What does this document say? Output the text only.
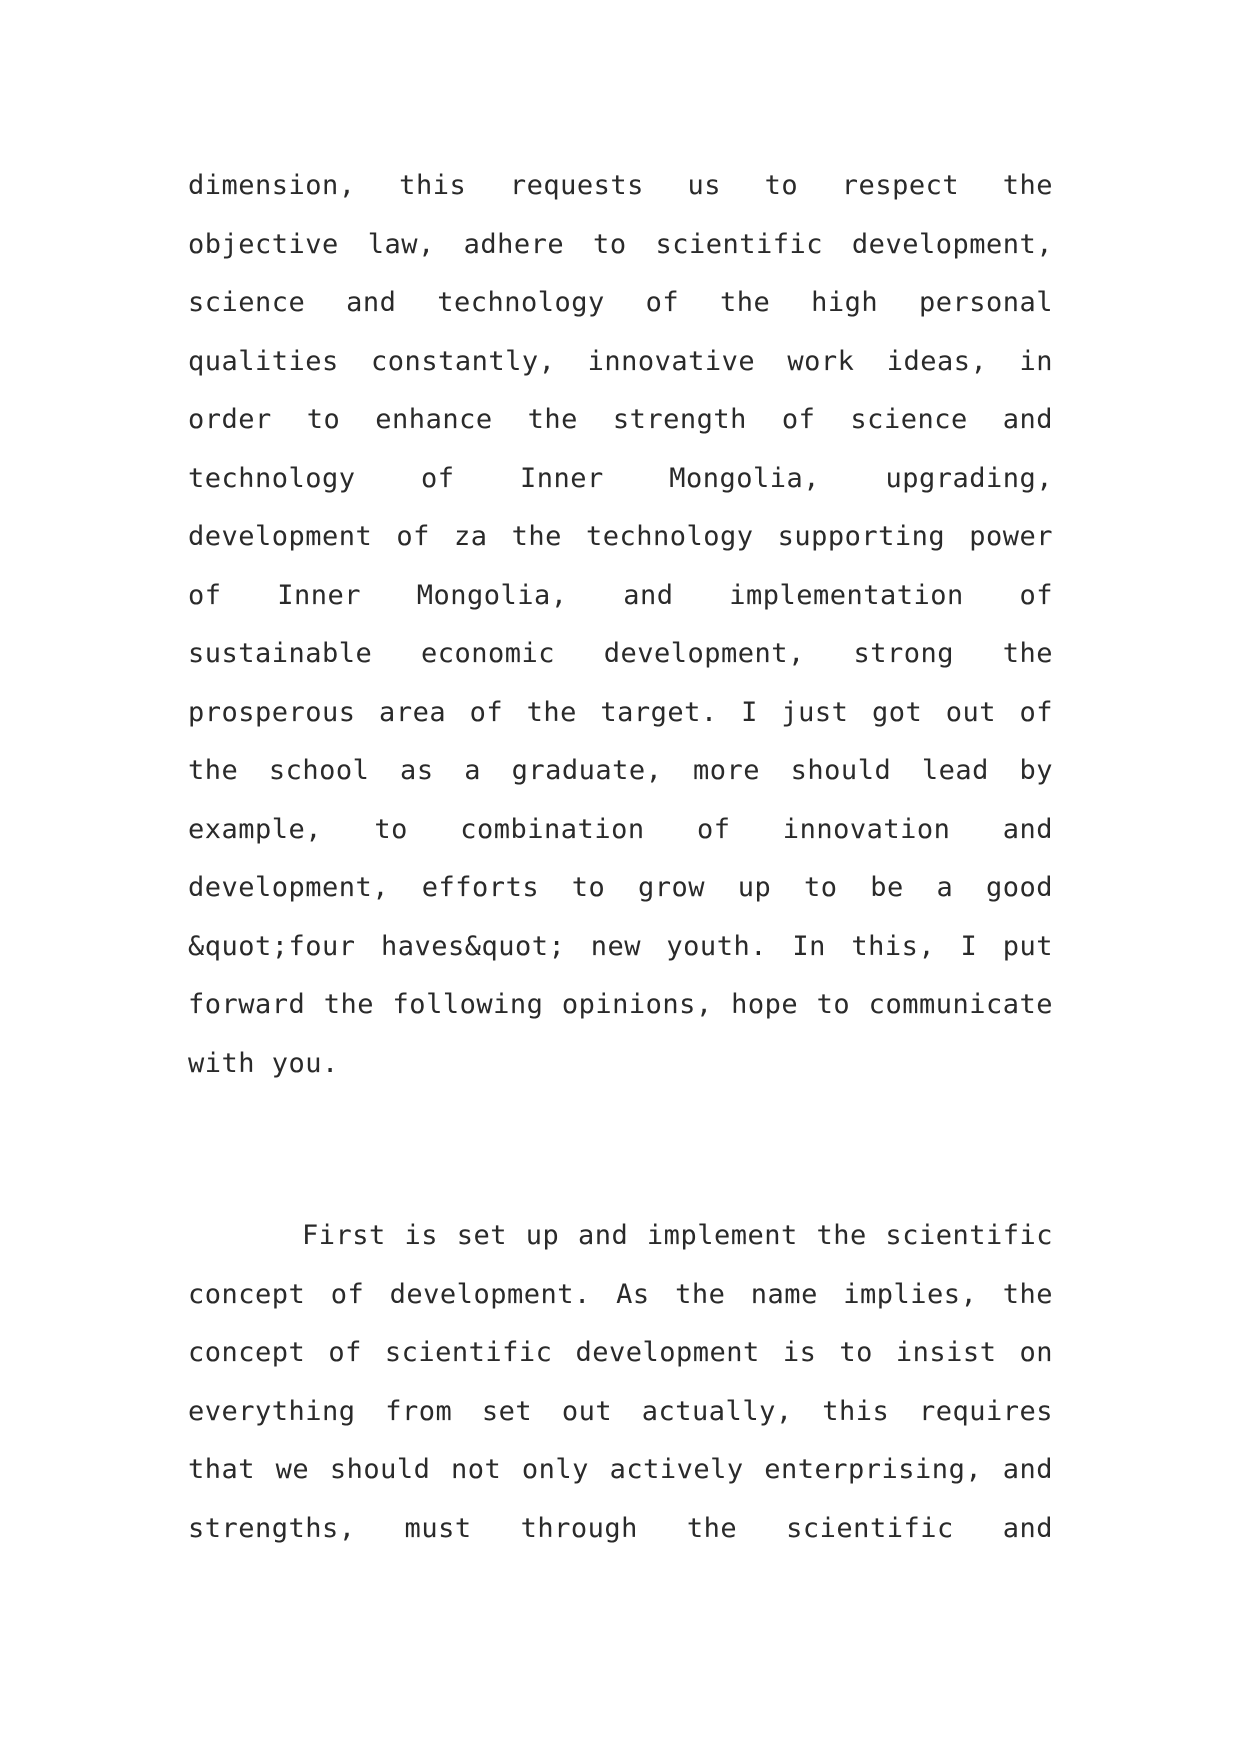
dimension, this requests us to respect the
objective law, adhere to scientific development,
science and technology of the high personal
qualities constantly, innovative work ideas, in
order to enhance the strength of science and
technology of Inner Mongolia, upgrading,
development of za the technology supporting power
of Inner Mongolia, and implementation of
sustainable economic development, strong the
prosperous area of the target. I just got out of
the school as a graduate, more should lead by
example, to combination of innovation and
development, efforts to grow up to be a good
&quot;four haves&quot; new youth. In this, I put
forward the following opinions, hope to communicate
with you.
First is set up and implement the scientific
concept of development. As the name implies, the
concept of scientific development is to insist on
everything from set out actually, this requires
that we should not only actively enterprising, and
strengths, must through the scientific and
